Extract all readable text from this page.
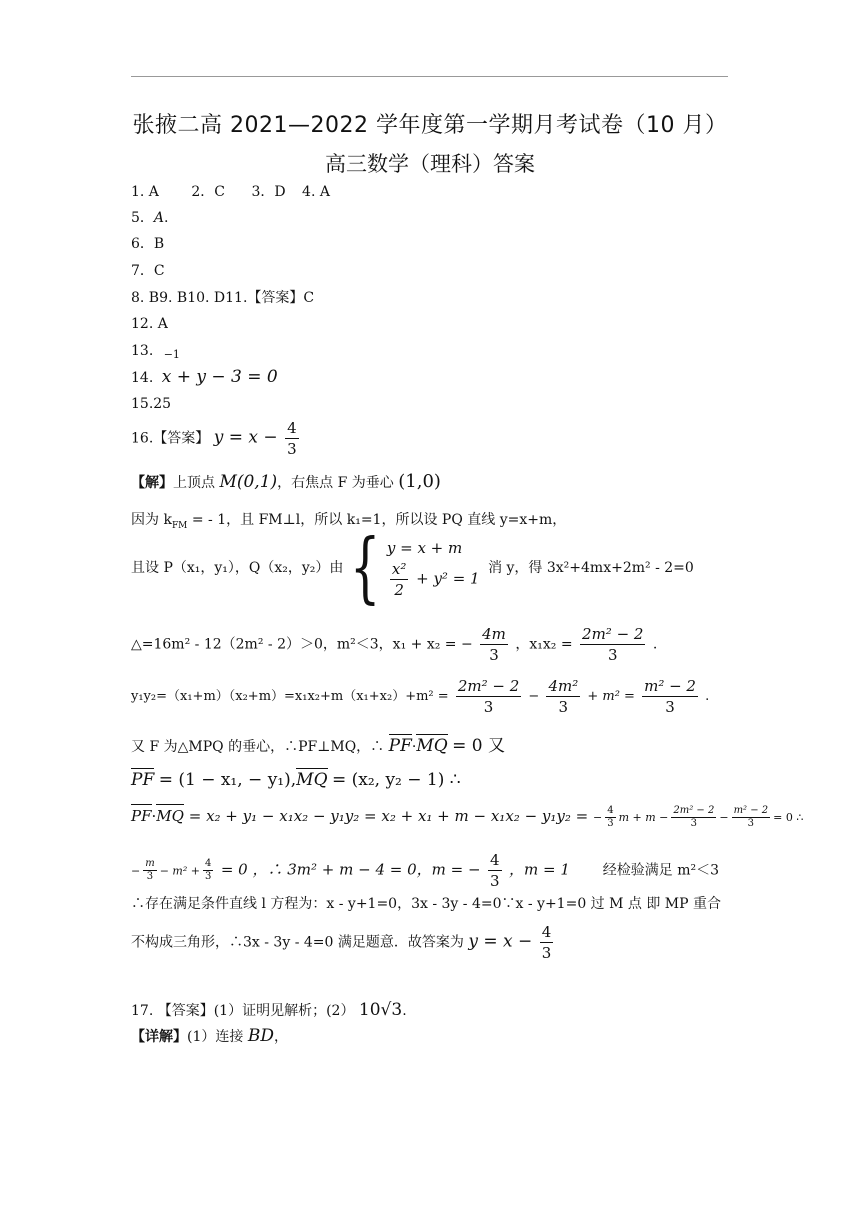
张掖二高 2021—2022 学年度第一学期月考试卷（10 月）
高三数学（理科）答案
1. A 2．C 3．D 4. A
5．A.
6．B
7．C
8. B9. B10. D11.【答案】C
12. A
13. $_{-1}$
14. x + y − 3 = 0
15.25
16.【答案】 $y = x - \frac{4}{3}$
【解】上顶点 M(0,1)，右焦点 F 为垂心 (1,0)
因为 $k_{FM}$ = - 1，且 FM⊥l，所以 k₁=1，所以设 PQ 直线 y=x+m，
且设 P（x₁，y₁），Q（x₂，y₂）由 { y = x + m
$\frac{\text{x²}}{2} + y^2 = 1$
消 y，得 3x²+4mx+2m² - 2=0
△=16m² - 12（2m² - 2）＞0，m²＜3，x₁ + x₂ = − $\frac{4m}{3}$ ，$x_1x_2 = \frac{\text{2m² − 2}}{3}$ .
$y_1y_2=(x_1+m)(x_2+m)=x_1x_2+m(x_1+x_2)+m^2 = \frac{\text{2m² − 2}}{3} - \frac{\text{4m²}}{3} + m^2 = \frac{\text{m² − 2}}{3}$ .
又 F 为△MPQ 的垂心，∴PF⊥MQ，∴ PF·MQ = 0 又
PF = (1 − x₁, − y₁),MQ = (x₂, y₂ − 1) ∴
PF·MQ = x₂ + y₁ − x₁x₂ − y₁y₂ = x₂ + x₁ + m − x₁x₂ − y₁y₂ = − $\frac{4}{3}$ $m + m - \frac{\text{2m² − 2}}{3} - \frac{\text{m² − 2}}{3} = 0$ ∴
− $\frac{m}{3} - m^2 + \frac{4}{3} = 0$ ，∴ 3m² + m − 4 = 0，m = − $\frac{4}{3}$ ，m = 1 经检验满足 m²＜3
∴存在满足条件直线 l 方程为：x - y+1=0，3x - 3y - 4=0∵x - y+1=0 过 M 点 即 MP 重合
不构成三角形，∴3x - 3y - 4=0 满足题意．故答案为 $y = x - \frac{4}{3}$
17. 【答案】(1）证明见解析；(2） 10√3.
【详解】(1）连接 BD，
